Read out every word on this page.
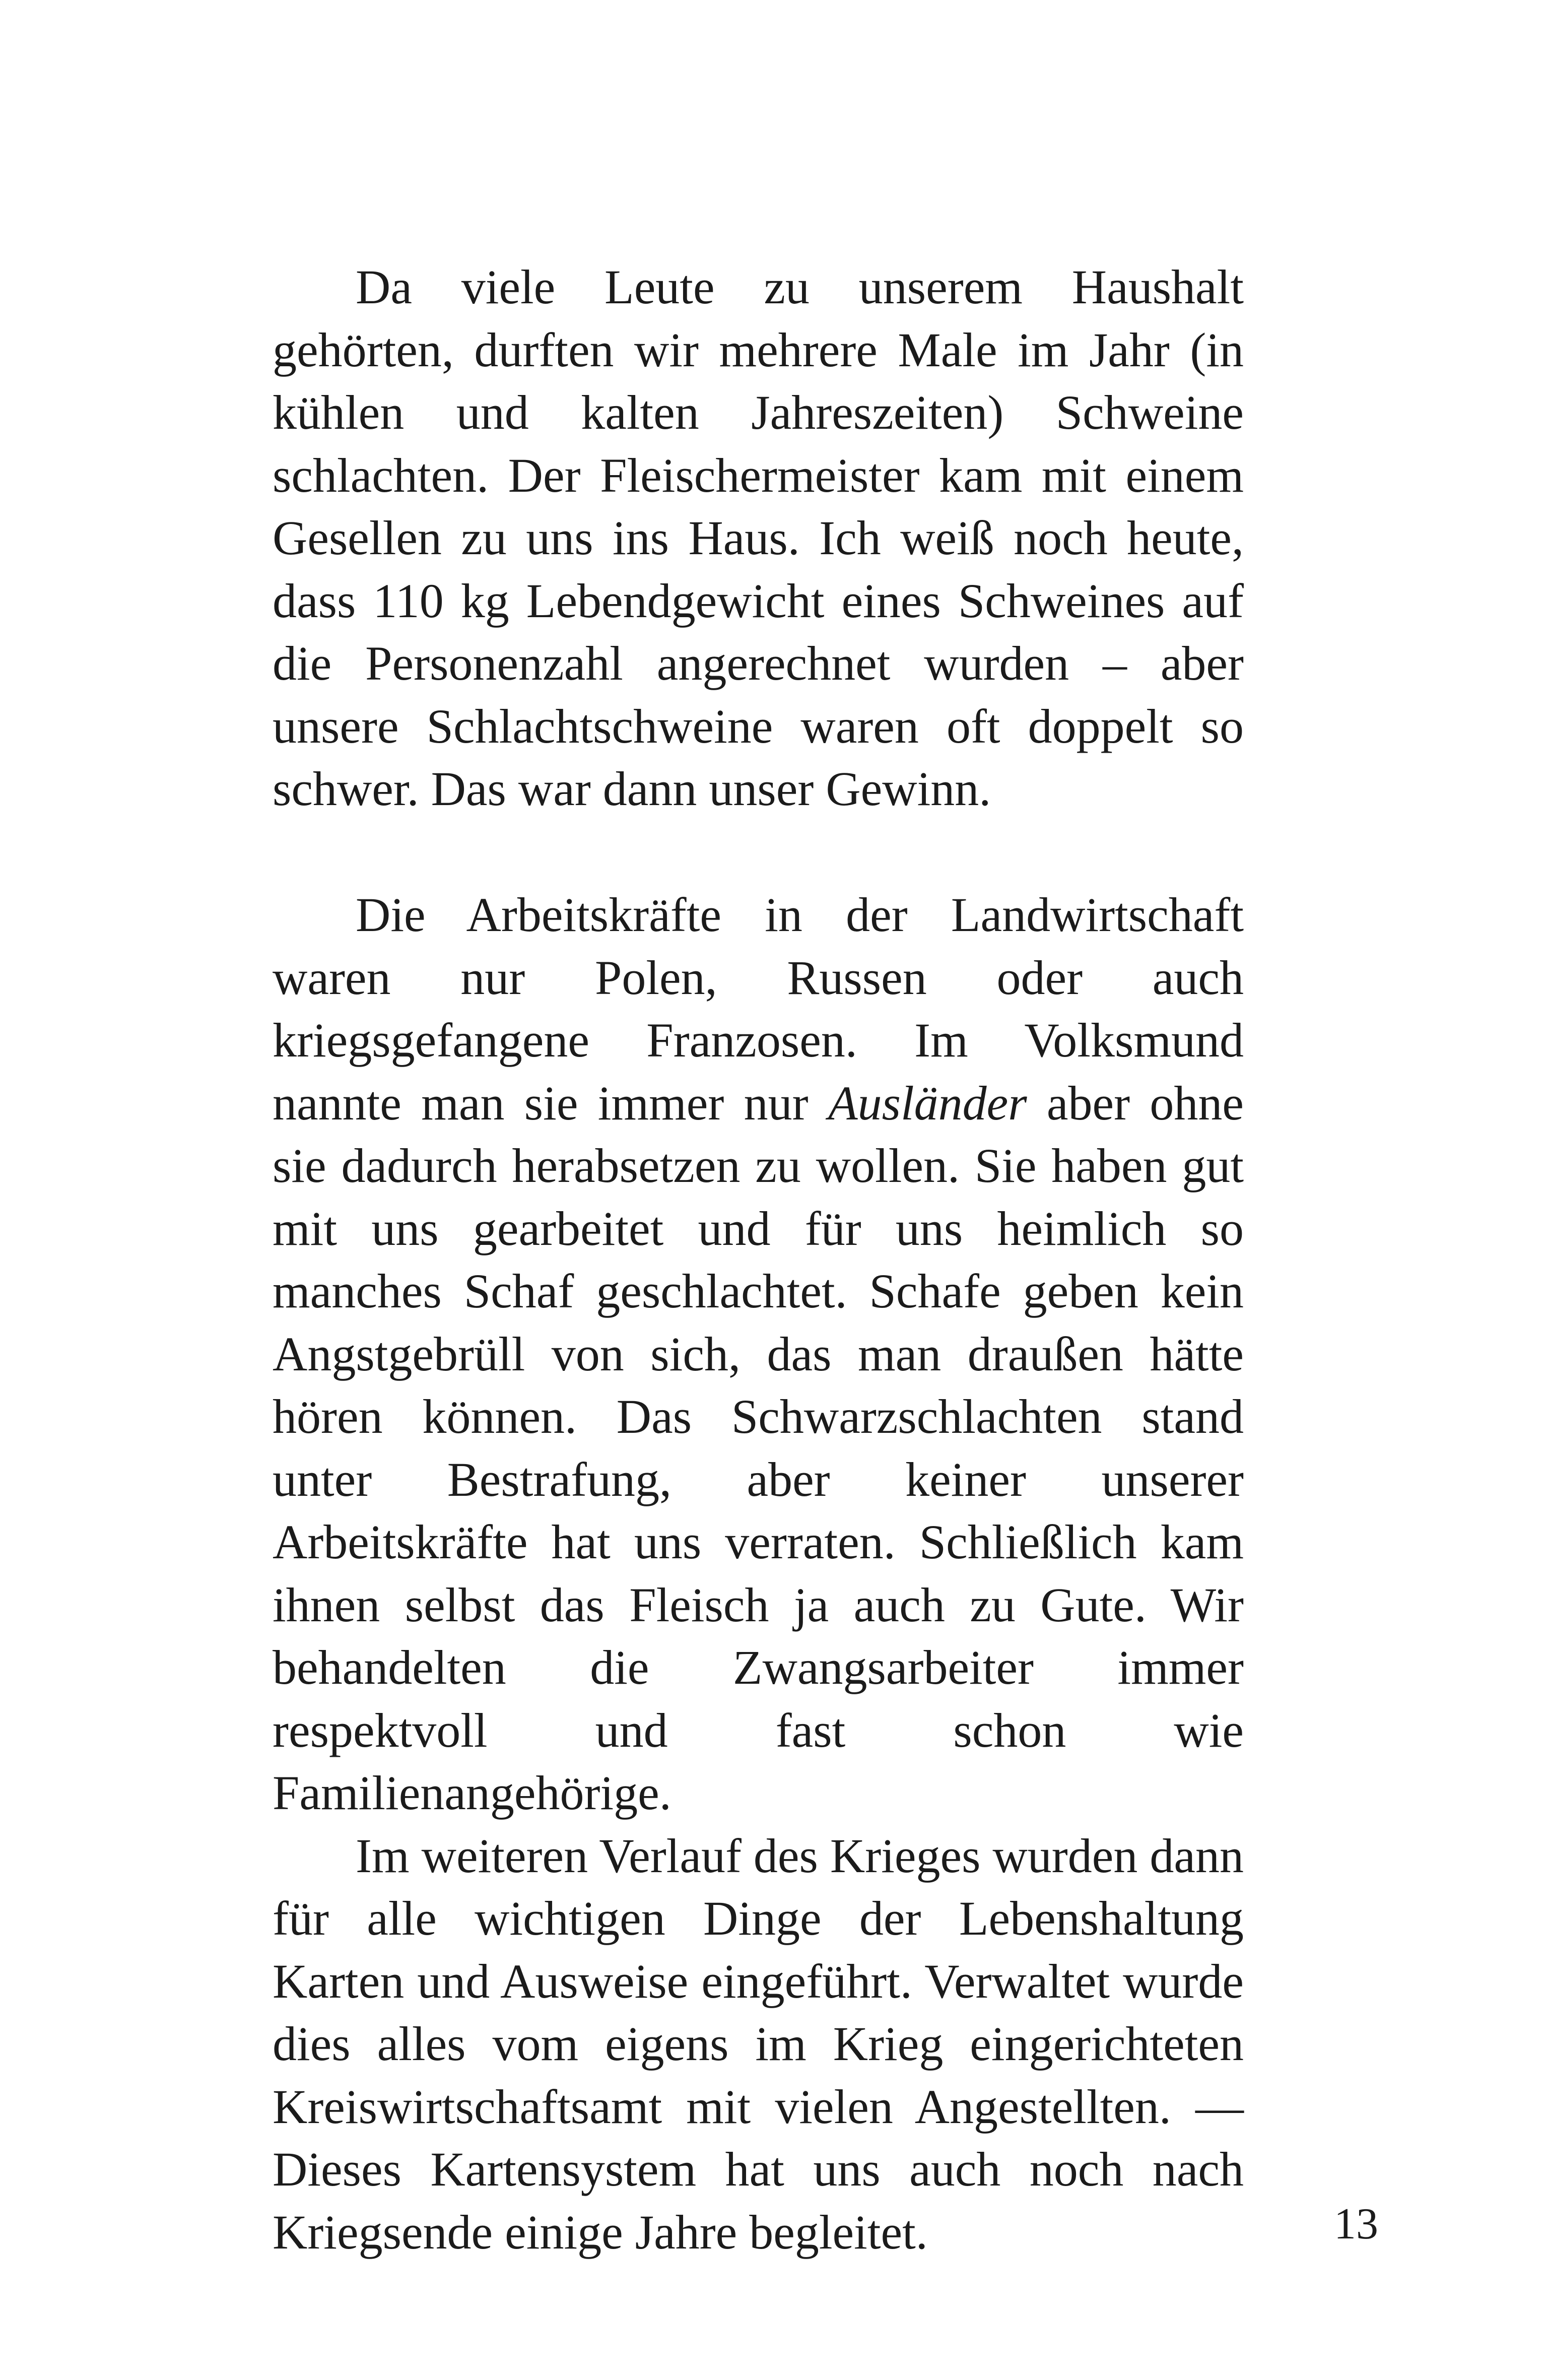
Da viele Leute zu unserem Haushalt gehörten, durften wir mehrere Male im Jahr (in kühlen und kalten Jahreszeiten) Schweine schlachten. Der Fleischermeister kam mit einem Gesellen zu uns ins Haus. Ich weiß noch heute, dass 110 kg Lebendgewicht eines Schweines auf die Personenzahl angerechnet wurden – aber unsere Schlachtschweine waren oft doppelt so schwer. Das war dann unser Gewinn.

Die Arbeitskräfte in der Landwirtschaft waren nur Polen, Russen oder auch kriegsgefangene Franzosen. Im Volksmund nannte man sie immer nur Ausländer aber ohne sie dadurch herabsetzen zu wollen. Sie haben gut mit uns gearbeitet und für uns heimlich so manches Schaf geschlachtet. Schafe geben kein Angstgebrüll von sich, das man draußen hätte hören können. Das Schwarzschlachten stand unter Bestrafung, aber keiner unserer Arbeitskräfte hat uns verraten. Schließlich kam ihnen selbst das Fleisch ja auch zu Gute. Wir behandelten die Zwangsarbeiter immer respektvoll und fast schon wie Familienangehörige.

Im weiteren Verlauf des Krieges wurden dann für alle wichtigen Dinge der Lebenshaltung Karten und Ausweise eingeführt. Verwaltet wurde dies alles vom eigens im Krieg eingerichteten Kreiswirtschaftsamt mit vielen Angestellten. — Dieses Kartensystem hat uns auch noch nach Kriegsende einige Jahre begleitet.	13
